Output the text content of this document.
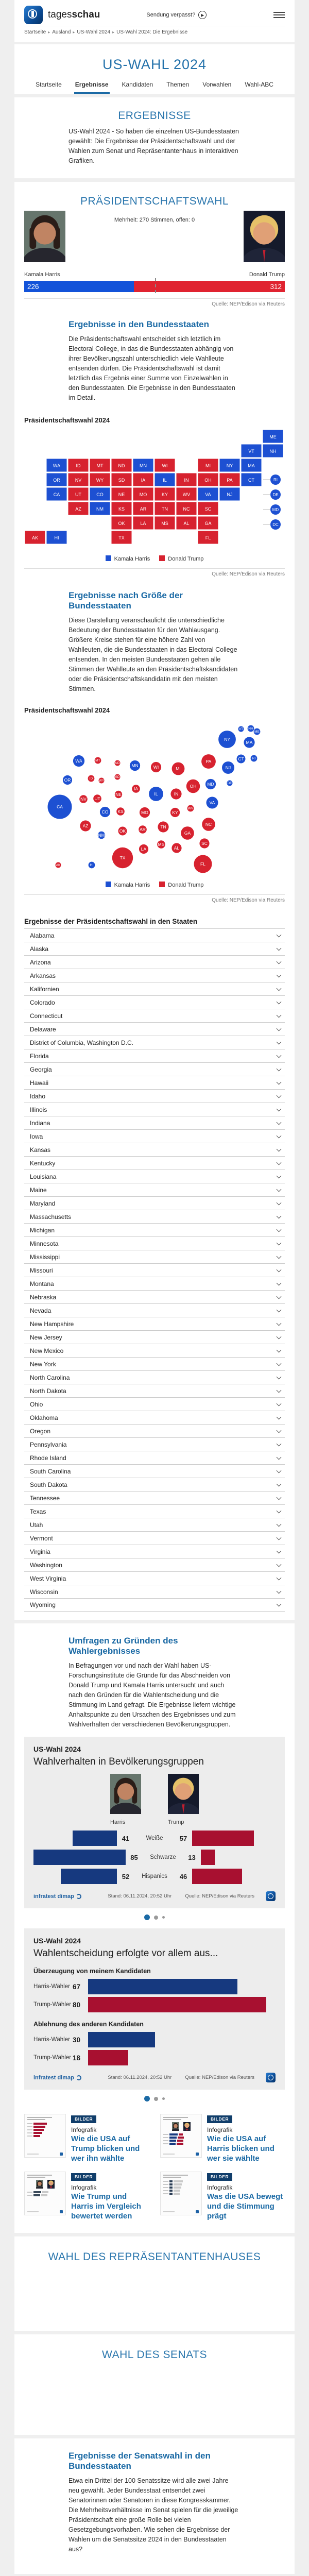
tagesschau	Sendung verpasst?	▶
Startseite ▸ Ausland ▸ US-Wahl 2024 ▸ US-Wahl 2024: Die Ergebnisse
US-WAHL 2024
Startseite Ergebnisse Kandidaten Themen Vorwahlen Wahl-ABC
ERGEBNISSE

US-Wahl 2024 - So haben die einzelnen US-Bundesstaaten gewählt: Die Ergebnisse der Präsidentschaftswahl und der Wahlen zum Senat und Repräsentantenhaus in interaktiven Grafiken.

PRÄSIDENTSCHAFTSWAHL
Mehrheit: 270 Stimmen, offen: 0
Kamala Harris	Donald Trump
226	312
Quelle: NEP/Edison via Reuters
Ergebnisse in den Bundesstaaten

Die Präsidentschaftswahl entscheidet sich letztlich im Electoral College, in das die Bundesstaaten abhängig von ihrer Bevölkerungszahl unterschiedlich viele Wahlleute entsenden dürfen. Die Präsidentschaftswahl ist damit letztlich das Ergebnis einer Summe von Einzelwahlen in den Bundesstaaten. Die Ergebnisse in den Bundesstaaten im Detail.

Präsidentschaftswahl 2024
ME
VT	NH
WA	ID	MT	ND	MN	WI	MI	NY	MA
OR	NV	WY	SD	IA	IL	IN	OH	PA	CT
CA	UT	CO	NE	MO	KY	WV	VA	NJ
AZ	NM	KS	AR	TN	NC	SC
OK	LA	MS	AL	GA
AK	HI	TX	FL
RI
DE
MD
DC
Kamala Harris	Donald Trump
Quelle: NEP/Edison via Reuters
Ergebnisse nach Größe der Bundesstaaten

Diese Darstellung veranschaulicht die unterschiedliche Bedeutung der Bundesstaaten für den Wahlausgang. Größere Kreise stehen für eine höhere Zahl von Wahlleuten, die die Bundesstaaten in das Electoral College entsenden. In den meisten Bundesstaaten gehen alle Stimmen der Wahlleute an den Präsidentschaftskandidaten oder die Präsidentschaftskandidatin mit den meisten Stimmen.

Präsidentschaftswahl 2024
ME
NH
VT
MA
NY
RI
CT
NJ
DE
MD
PA
WA	MT
ND	MN	WI	MI
OR	ID
WY
SD
IA
IL	IN
OH
NV UT
NE
CA
CO KS	MO	KY
WV
VA
NC
TN
AR
OK
AZ
NM	GA
SC
MS
AL
LA
TX
FL
AK	HI
Kamala Harris	Donald Trump
Quelle: NEP/Edison via Reuters
Ergebnisse der Präsidentschaftswahl in den Staaten
Alabama
Alaska
Arizona
Arkansas
Kalifornien
Colorado
Connecticut
Delaware
District of Columbia, Washington D.C.
Florida
Georgia
Hawaii
Idaho
Illinois
Indiana
Iowa
Kansas
Kentucky
Louisiana
Maine
Maryland
Massachusetts
Michigan
Minnesota
Mississippi
Missouri
Montana
Nebraska
Nevada
New Hampshire
New Jersey
New Mexico
New York
North Carolina
North Dakota
Ohio
Oklahoma
Oregon
Pennsylvania
Rhode Island
South Carolina
South Dakota
Tennessee
Texas
Utah
Vermont
Virginia
Washington
West Virginia
Wisconsin
Wyoming
Umfragen zu Gründen des Wahlergebnisses

In Befragungen vor und nach der Wahl haben US-Forschungsinstitute die Gründe für das Abschneiden von Donald Trump und Kamala Harris untersucht und auch nach den Gründen für die Wahlentscheidung und die Stimmung im Land gefragt. Die Ergebnisse liefern wichtige Anhaltspunkte zu den Ursachen des Ergebnisses und zum Wahlverhalten der verschiedenen Bevölkerungsgruppen.

US-Wahl 2024
Wahlverhalten in Bevölkerungsgruppen
Harris	Trump
41	Weiße	57
85	Schwarze	13
52	Hispanics	46
infratest dimap	Stand: 06.11.2024, 20:52 Uhr	Quelle: NEP/Edison via Reuters
US-Wahl 2024
Wahlentscheidung erfolgte vor allem aus...
Überzeugung von meinem Kandidaten
Harris-Wähler 67
Trump-Wähler 80
Ablehnung des anderen Kandidaten
Harris-Wähler 30
Trump-Wähler 18
infratest dimap	Stand: 06.11.2024, 20:52 Uhr	Quelle: NEP/Edison via Reuters
BILDER
Infografik
Wie die USA auf Trump blicken und wer ihn wählte
BILDER
Infografik
Wie die USA auf Harris blicken und wer sie wählte
BILDER
Infografik
Wie Trump und Harris im Vergleich bewertet werden
BILDER
Infografik
Was die USA bewegt und die Stimmung prägt
WAHL DES REPRÄSENTANTENHAUSES
WAHL DES SENATS
Ergebnisse der Senatswahl in den Bundesstaaten

Etwa ein Drittel der 100 Senatssitze wird alle zwei Jahre neu gewählt. Jeder Bundesstaat entsendet zwei Senatorinnen oder Senatoren in diese Kongresskammer. Die Mehrheitsverhältnisse im Senat spielen für die jeweilige Präsidentschaft eine große Rolle bei vielen Gesetzgebungsvorhaben. Wie sehen die Ergebnisse der Wahlen um die Senatssitze 2024 in den Bundesstaaten aus?
